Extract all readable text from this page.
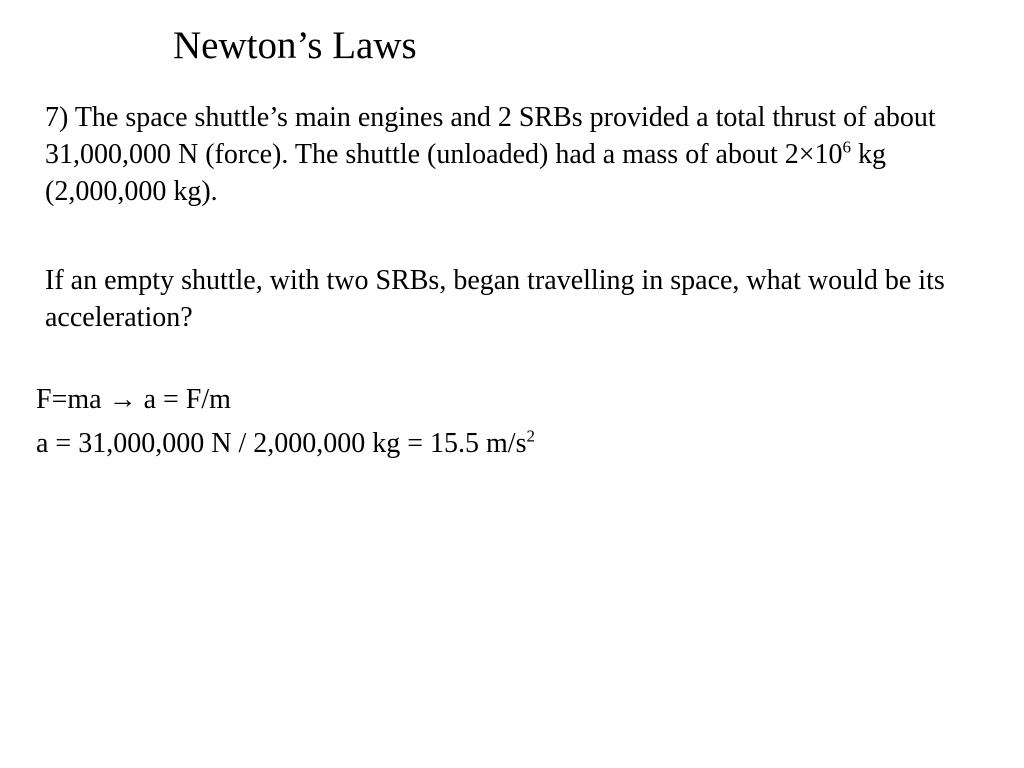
Newton’s Laws
7) The space shuttle’s main engines and 2 SRBs provided a total thrust of about 31,000,000 N (force). The shuttle (unloaded) had a mass of about $2\times 10^6$ kg (2,000,000 kg).
If an empty shuttle, with two SRBs, began travelling in space, what would be its acceleration?
F=ma → a = F/m
a = 31,000,000 N / 2,000,000 kg = 15.5 $m/s^2$
